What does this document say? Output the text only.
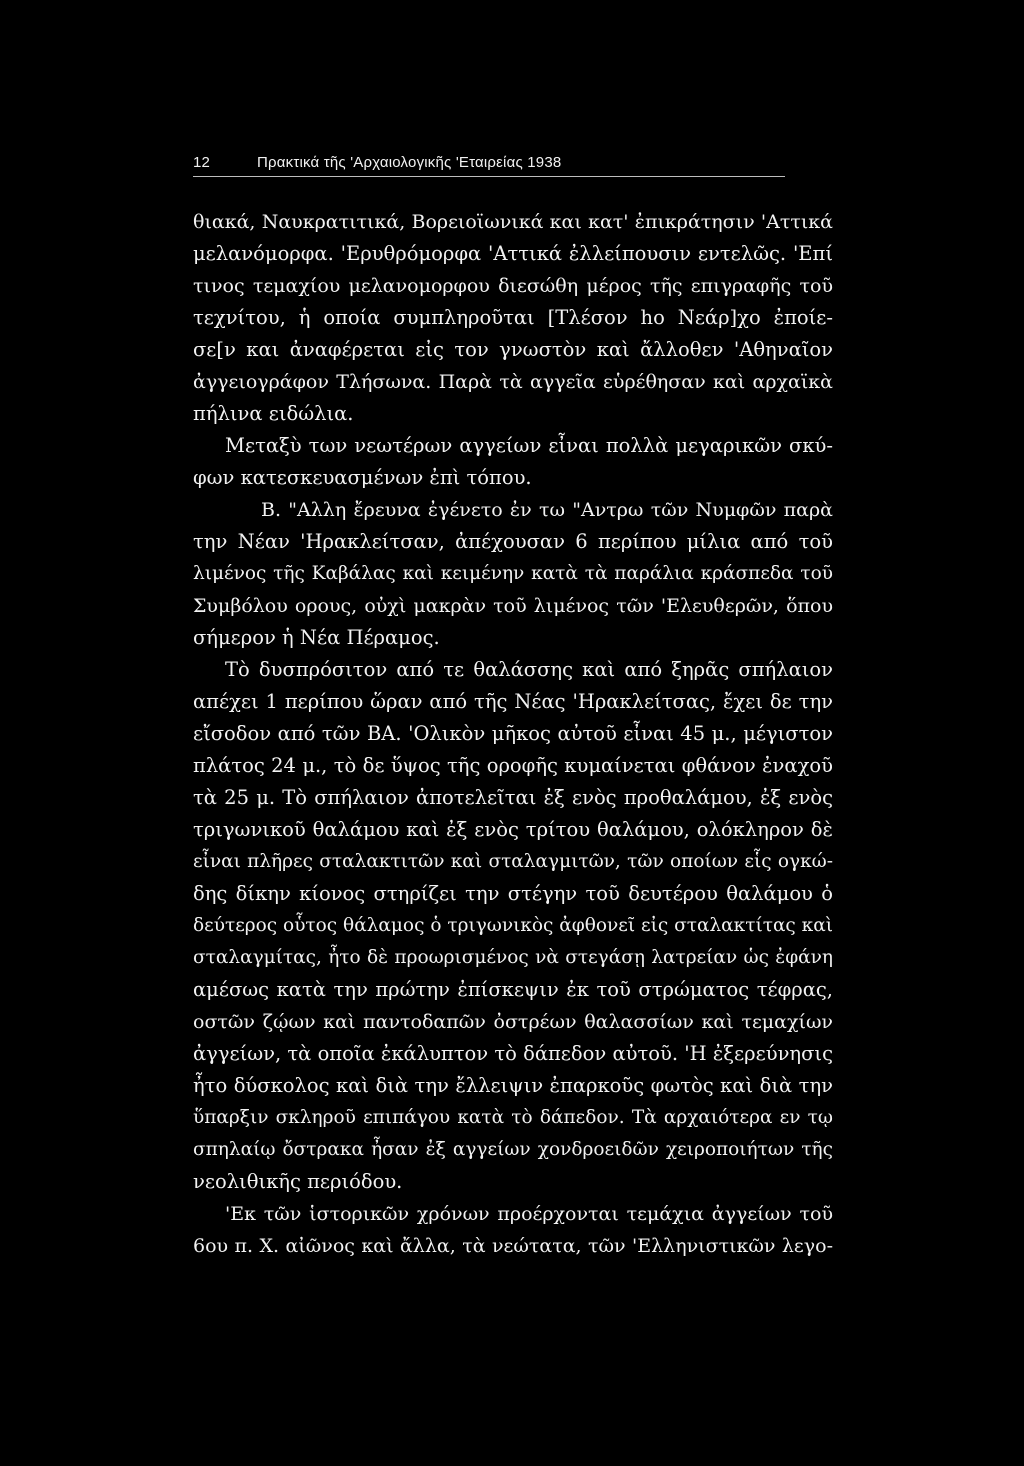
12	Πρακτικά τῆς 'Αρχαιολογικῆς 'Εταιρείας 1938
θιακά, Ναυκρατιτικά, Βορειοϊωνικά και κατ' ἐπικράτησιν 'Αττικά
μελανόμορφα. 'Ερυθρόμορφα 'Αττικά ἐλλείπουσιν εντελῶς. 'Επί
τινος τεμαχίου μελανομορφου διεσώθη μέρος τῆς επιγραφῆς τοῦ
τεχνίτου, ἡ οποία συμπληροῦται [Τλέσον ho Νεάρ]χο ἐποίε-
σε[ν και ἀναφέρεται εἰς τον γνωστὸν καὶ ἄλλοθεν 'Αθηναῖον
ἀγγειογράφον Τλήσωνα. Παρὰ τὰ αγγεῖα εὑρέθησαν καὶ αρχαϊκὰ
πήλινα ειδώλια.
Μεταξὺ των νεωτέρων αγγείων εἶναι πολλὰ μεγαρικῶν σκύ-
φων κατεσκευασμένων ἐπὶ τόπου.
Β. "Αλλη ἔρευνα ἐγένετο ἐν τω "Αντρω τῶν Νυμφῶν παρὰ
την Νέαν 'Ηρακλείτσαν, ἀπέχουσαν 6 περίπου μίλια από τοῦ
λιμένος τῆς Καβάλας καὶ κειμένην κατὰ τὰ παράλια κράσπεδα τοῦ
Συμβόλου ορους, οὐχὶ μακρὰν τοῦ λιμένος τῶν 'Ελευθερῶν, ὅπου
σήμερον ἡ Νέα Πέραμος.
Τὸ δυσπρόσιτον από τε θαλάσσης καὶ από ξηρᾶς σπήλαιον
απέχει 1 περίπου ὥραν από τῆς Νέας 'Ηρακλείτσας, ἔχει δε την
εἴσοδον από τῶν ΒΑ. 'Ολικὸν μῆκος αὐτοῦ εἶναι 45 μ., μέγιστον
πλάτος 24 μ., τὸ δε ὕψος τῆς οροφῆς κυμαίνεται φθάνον ἐναχοῦ
τὰ 25 μ. Τὸ σπήλαιον ἀποτελεῖται ἐξ ενὸς προθαλάμου, ἐξ ενὸς
τριγωνικοῦ θαλάμου καὶ ἐξ ενὸς τρίτου θαλάμου, ολόκληρον δὲ
εἶναι πλῆρες σταλακτιτῶν καὶ σταλαγμιτῶν, τῶν οποίων εἷς ογκώ-
δης δίκην κίονος στηρίζει την στέγην τοῦ δευτέρου θαλάμου ὁ
δεύτερος οὗτος θάλαμος ὁ τριγωνικὸς ἀφθονεῖ εἰς σταλακτίτας καὶ
σταλαγμίτας, ἦτο δὲ προωρισμένος νὰ στεγάσῃ λατρείαν ὡς ἐφάνη
αμέσως κατὰ την πρώτην ἐπίσκεψιν ἐκ τοῦ στρώματος τέφρας,
οστῶν ζῴων καὶ παντοδαπῶν ὀστρέων θαλασσίων καὶ τεμαχίων
ἀγγείων, τὰ οποῖα ἐκάλυπτον τὸ δάπεδον αὐτοῦ. 'Η ἐξερεύνησις
ἦτο δύσκολος καὶ διὰ την ἔλλειψιν ἐπαρκοῦς φωτὸς καὶ διὰ την
ὕπαρξιν σκληροῦ επιπάγου κατὰ τὸ δάπεδον. Τὰ αρχαιότερα εν τῳ
σπηλαίῳ ὄστρακα ἦσαν ἐξ αγγείων χονδροειδῶν χειροποιήτων τῆς
νεολιθικῆς περιόδου.
'Εκ τῶν ἱστορικῶν χρόνων προέρχονται τεμάχια ἀγγείων τοῦ
6ου π. Χ. αἰῶνος καὶ ἄλλα, τὰ νεώτατα, τῶν 'Ελληνιστικῶν λεγο-
